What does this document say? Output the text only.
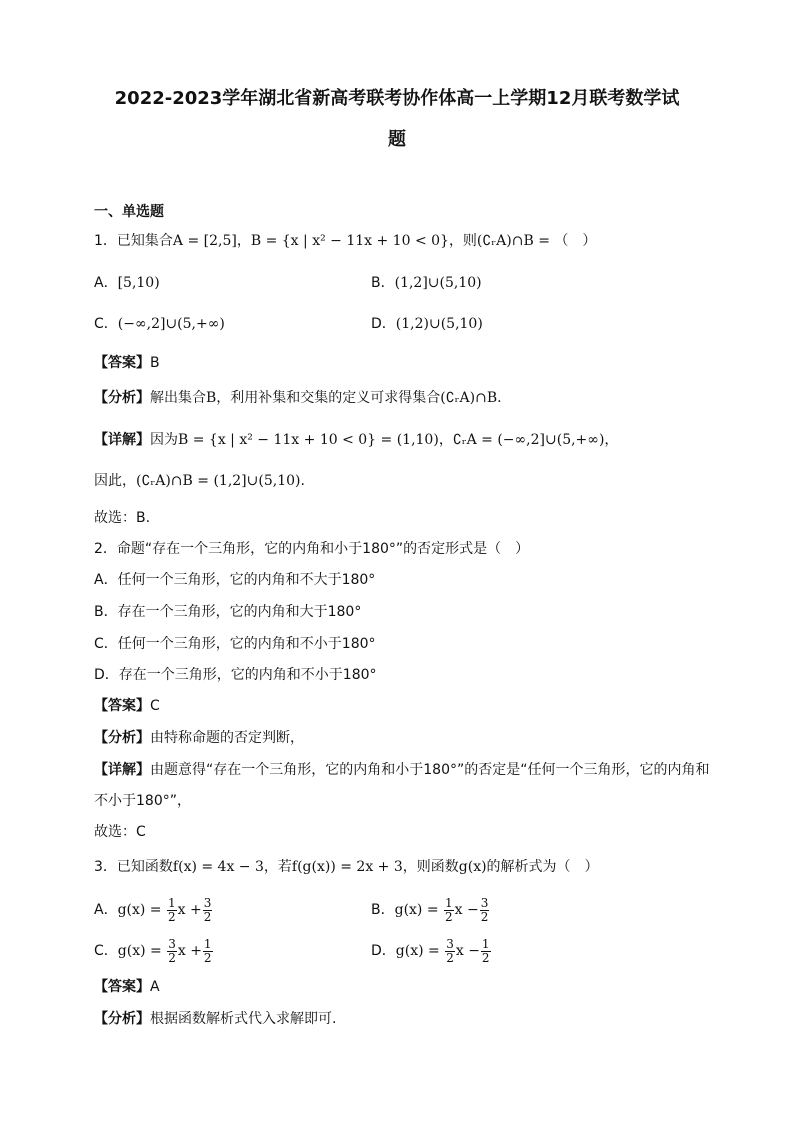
2022-2023学年湖北省新高考联考协作体高一上学期12月联考数学试
题
一、单选题
1．已知集合A = [2,5]，B = {x | x² − 11x + 10 < 0}，则(∁ᵣA)∩B = （　）
A．[5,10)	B．(1,2]∪(5,10)
C．(−∞,2]∪(5,+∞)	D．(1,2)∪(5,10)
【答案】B
【分析】解出集合B，利用补集和交集的定义可求得集合(∁ᵣA)∩B.
【详解】因为B = {x | x² − 11x + 10 < 0} = (1,10)，∁ᵣA = (−∞,2]∪(5,+∞)，
因此，(∁ᵣA)∩B = (1,2]∪(5,10).
故选：B.
2．命题“存在一个三角形，它的内角和小于180°”的否定形式是（　）
A．任何一个三角形，它的内角和不大于180°
B．存在一个三角形，它的内角和大于180°
C．任何一个三角形，它的内角和不小于180°
D．存在一个三角形，它的内角和不小于180°
【答案】C
【分析】由特称命题的否定判断，
【详解】由题意得“存在一个三角形，它的内角和小于180°”的否定是“任何一个三角形，它的内角和
不小于180°”，
故选：C
3．已知函数f(x) = 4x − 3，若f(g(x)) = 2x + 3，则函数g(x)的解析式为（　）
A．$g(x) = \frac{1}{2}$ $x + \frac{3}{2}$	B．$g(x) = \frac{1}{2}$ $x - \frac{3}{2}$
C．$g(x) = \frac{3}{2}$ $x + \frac{1}{2}$	D．$g(x) = \frac{3}{2}$ $x - \frac{1}{2}$
【答案】A
【分析】根据函数解析式代入求解即可.
